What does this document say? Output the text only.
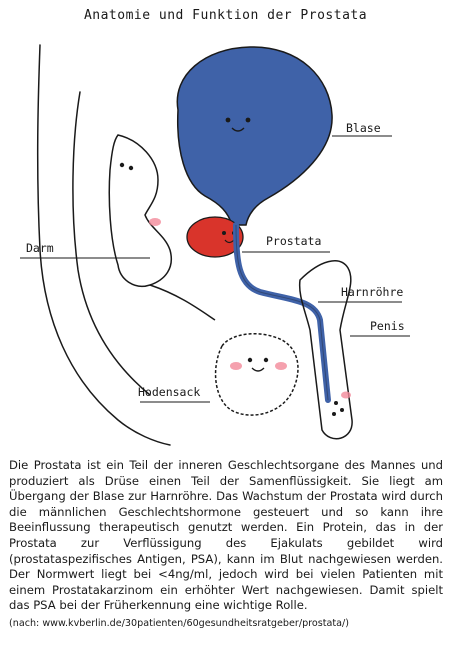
Anatomie und Funktion der Prostata
Blase
Prostata
Darm
Harnröhre
Penis
Hodensack

Die Prostata ist ein Teil der inneren Geschlechtsorgane des Mannes und produziert als Drüse einen Teil der Samenflüssigkeit. Sie liegt am Übergang der Blase zur Harnröhre. Das Wachstum der Prostata wird durch die männlichen Geschlechtshormone gesteuert und so kann ihre Beeinflussung therapeutisch genutzt werden. Ein Protein, das in der Prostata zur Verflüssigung des Ejakulats gebildet wird (prostataspezifisches Antigen, PSA), kann im Blut nachgewiesen werden. Der Normwert liegt bei <4ng/ml, jedoch wird bei vielen Patienten mit einem Prostatakarzinom ein erhöhter Wert nachgewiesen. Damit spielt das PSA bei der Früherkennung eine wichtige Rolle.

(nach: www.kvberlin.de/30patienten/60gesundheitsratgeber/prostata/)
